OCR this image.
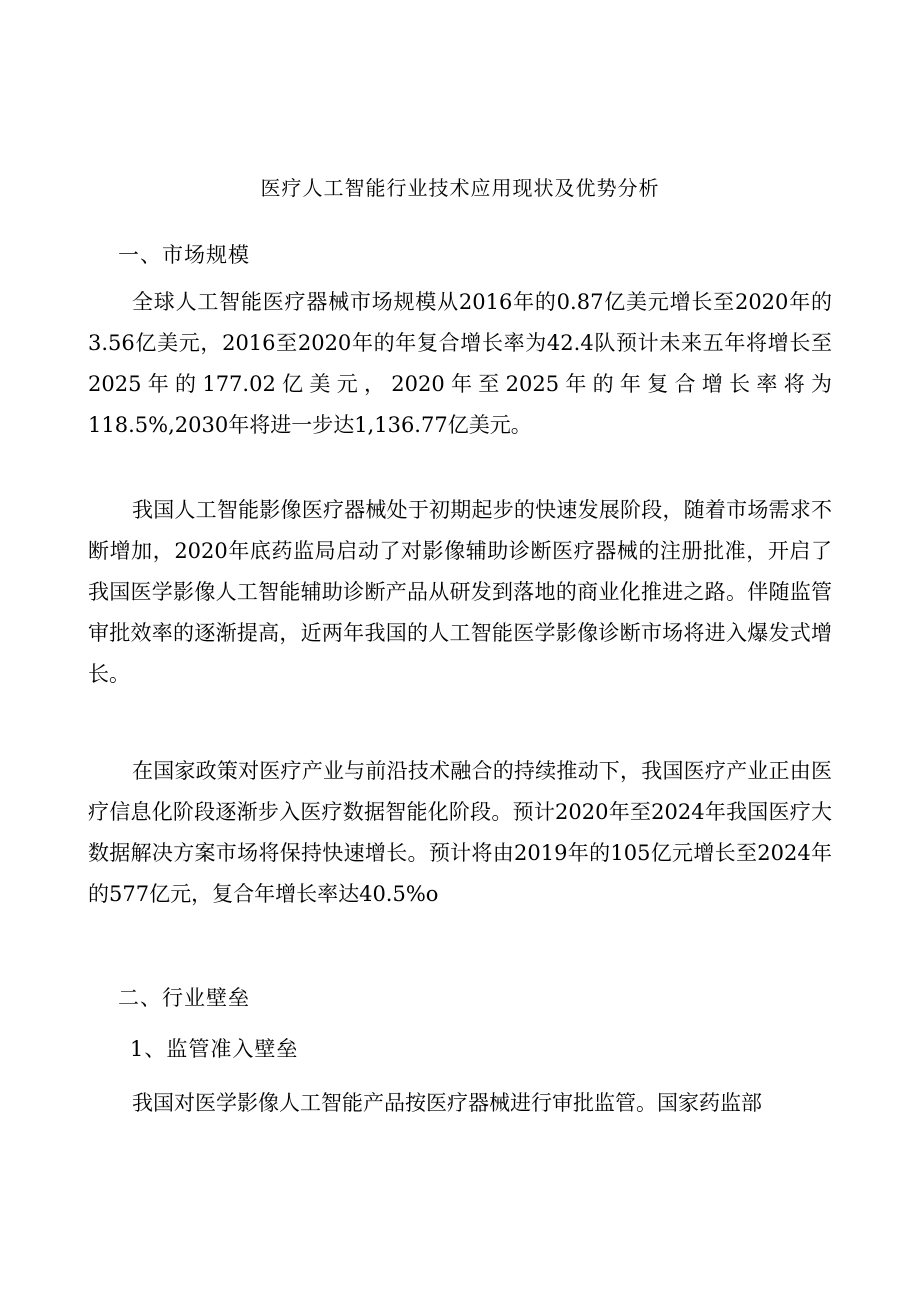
医疗人工智能行业技术应用现状及优势分析
一、市场规模

全球人工智能医疗器械市场规模从2016年的0.87亿美元增长至2020年的3.56亿美元，2016至2020年的年复合增长率为42.4队预计未来五年将增长至2025年的177.02亿美元，2020年至2025年的年复合增长率将为118.5%,2030年将进一步达1,136.77亿美元。

我国人工智能影像医疗器械处于初期起步的快速发展阶段，随着市场需求不断增加，2020年底药监局启动了对影像辅助诊断医疗器械的注册批准，开启了我国医学影像人工智能辅助诊断产品从研发到落地的商业化推进之路。伴随监管审批效率的逐渐提高，近两年我国的人工智能医学影像诊断市场将进入爆发式增长。

在国家政策对医疗产业与前沿技术融合的持续推动下，我国医疗产业正由医疗信息化阶段逐渐步入医疗数据智能化阶段。预计2020年至2024年我国医疗大数据解决方案市场将保持快速增长。预计将由2019年的105亿元增长至2024年的577亿元，复合年增长率达40.5%o

二、行业壁垒
1、监管准入壁垒

我国对医学影像人工智能产品按医疗器械进行审批监管。国家药监部
